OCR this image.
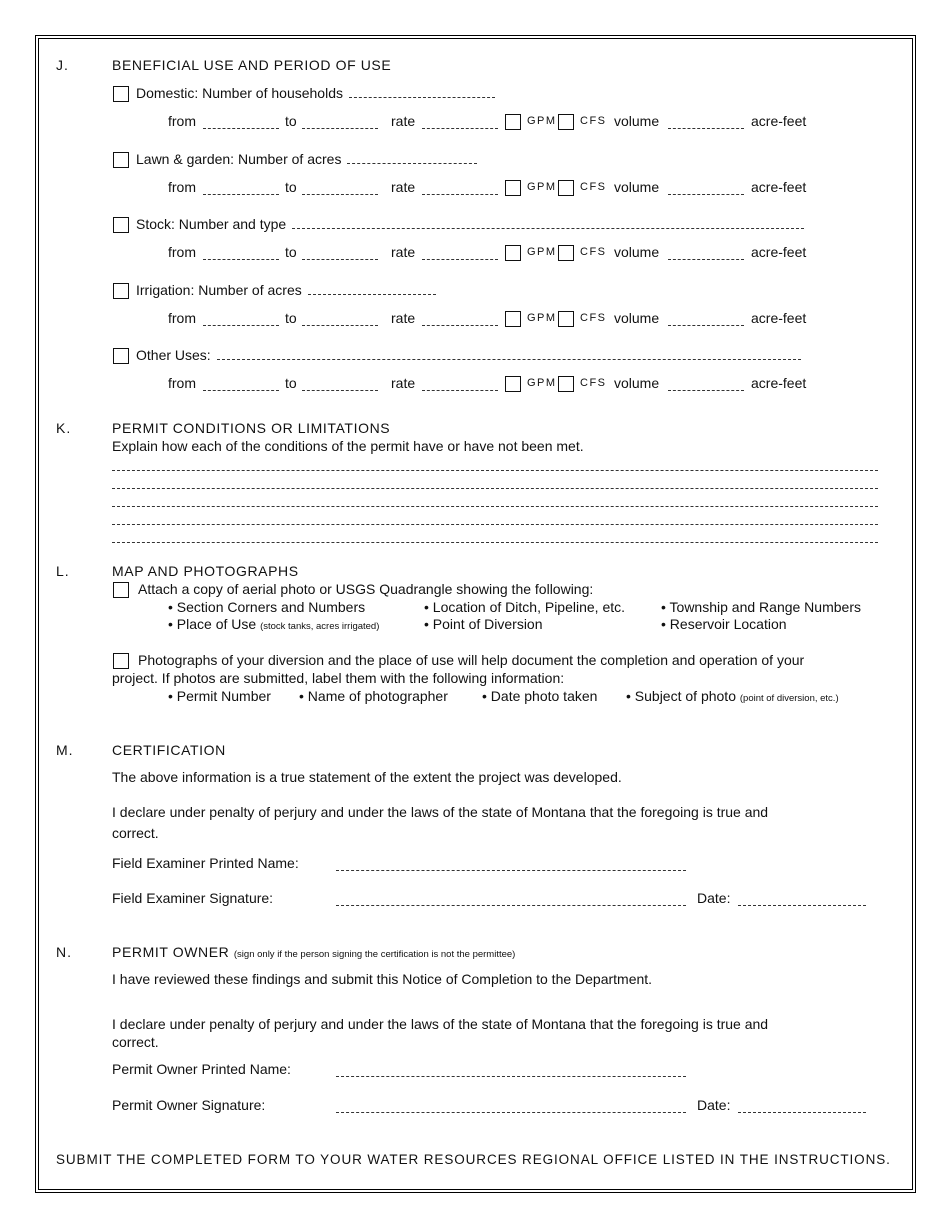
J.	BENEFICIAL USE AND PERIOD OF USE
Domestic: Number of households
from	to	rate	GPM CFS volume	acre-feet
Lawn & garden: Number of acres
from	to	rate	GPM CFS volume	acre-feet
Stock: Number and type
from	to	rate	GPM CFS volume	acre-feet
Irrigation: Number of acres
from	to	rate	GPM CFS volume	acre-feet
Other Uses:
from	to	rate	GPM CFS volume	acre-feet
K.	PERMIT CONDITIONS OR LIMITATIONS
Explain how each of the conditions of the permit have or have not been met.
L.	MAP AND PHOTOGRAPHS
Attach a copy of aerial photo or USGS Quadrangle showing the following:
• Section Corners and Numbers	• Location of Ditch, Pipeline, etc.	• Township and Range Numbers
• Place of Use (stock tanks, acres irrigated)	• Point of Diversion	• Reservoir Location
Photographs of your diversion and the place of use will help document the completion and operation of your
project. If photos are submitted, label them with the following information:
• Permit Number • Name of photographer • Date photo taken • Subject of photo (point of diversion, etc.)
M.	CERTIFICATION
The above information is a true statement of the extent the project was developed.
I declare under penalty of perjury and under the laws of the state of Montana that the foregoing is true and
correct.
Field Examiner Printed Name:
Field Examiner Signature:	Date:
N.	PERMIT OWNER (sign only if the person signing the certification is not the permittee)
I have reviewed these findings and submit this Notice of Completion to the Department.
I declare under penalty of perjury and under the laws of the state of Montana that the foregoing is true and
correct.
Permit Owner Printed Name:
Permit Owner Signature:	Date:
SUBMIT THE COMPLETED FORM TO YOUR WATER RESOURCES REGIONAL OFFICE LISTED IN THE INSTRUCTIONS.
